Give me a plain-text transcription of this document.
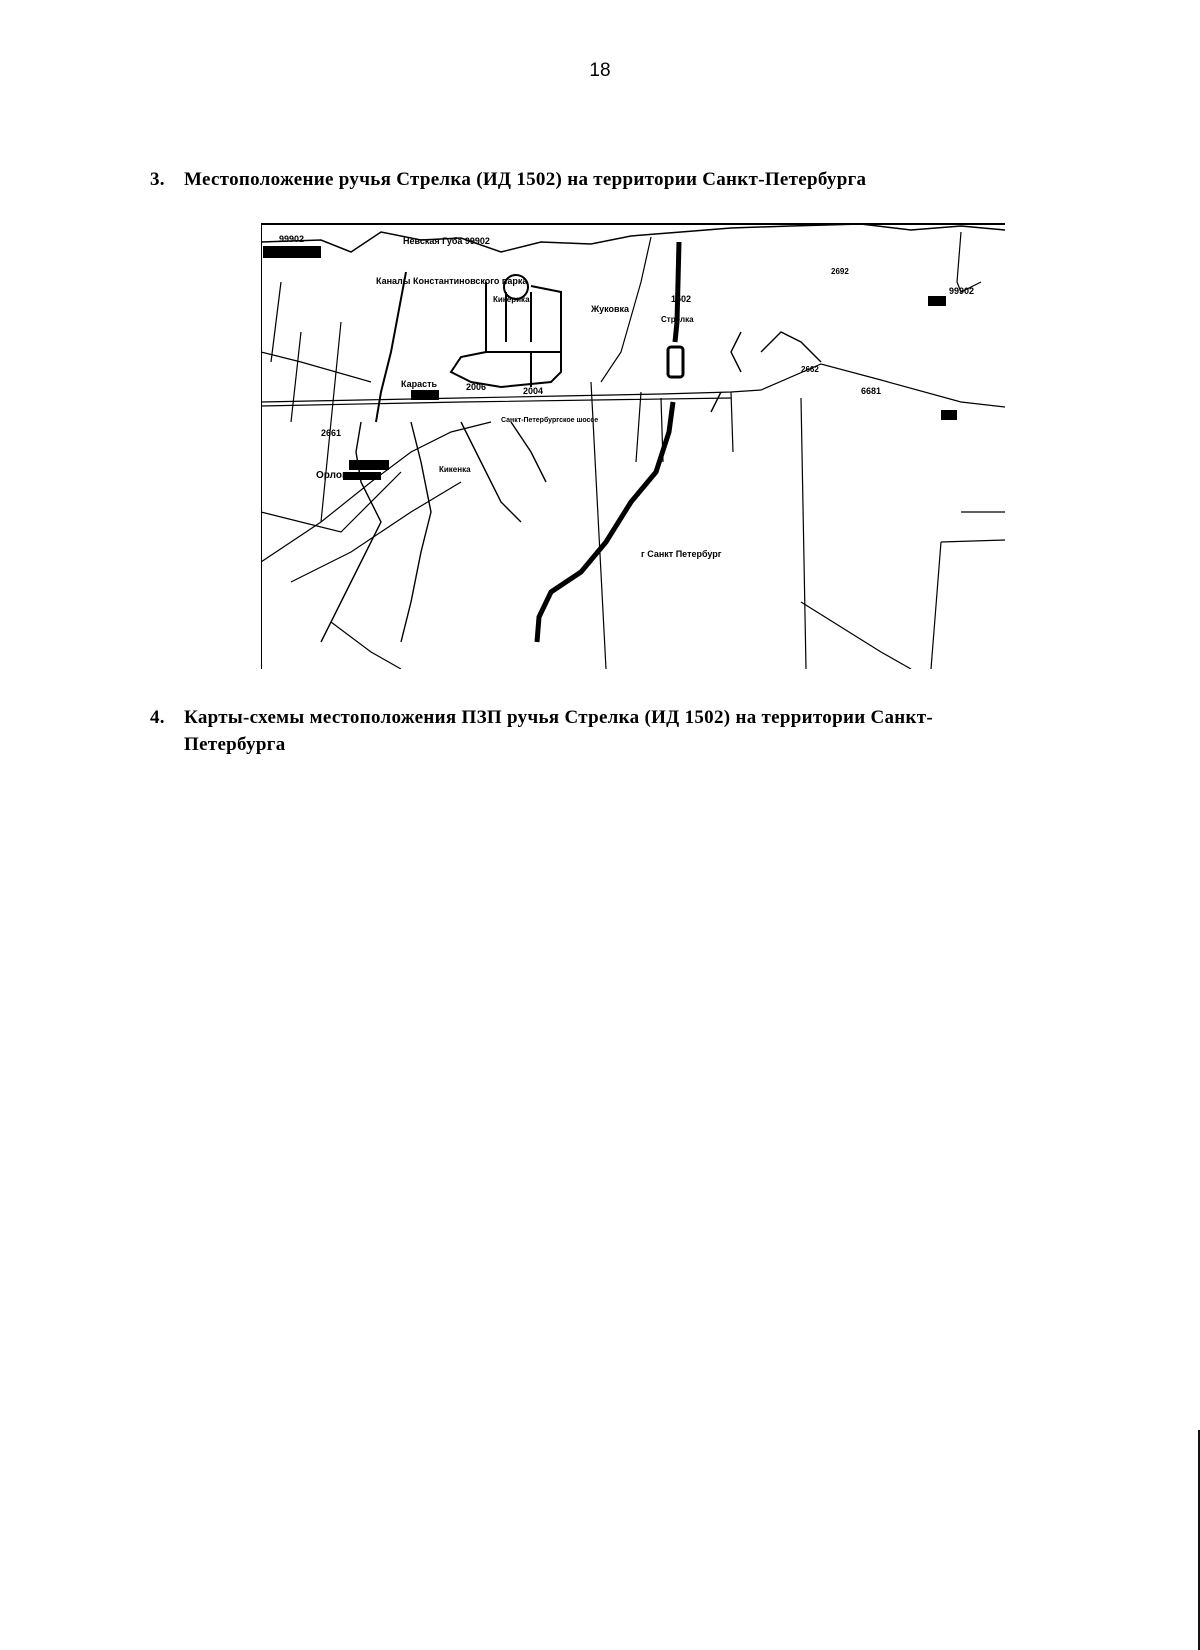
18
3. Местоположение ручья Стрелка (ИД 1502) на территории Санкт-Петербурга
99902	Невская Губа 99902
Каналы Константиновского парка
Кикерика
Жуковка
1502
Стрелка
Карасть	2006	2004
Санкт-Петербургское шоссе
2661
Орловка
Кикенка
г Санкт Петербург
6681
99902
2692
2662
4. Карты-схемы местоположения ПЗП ручья Стрелка (ИД 1502) на территории Санкт-
Петербурга
